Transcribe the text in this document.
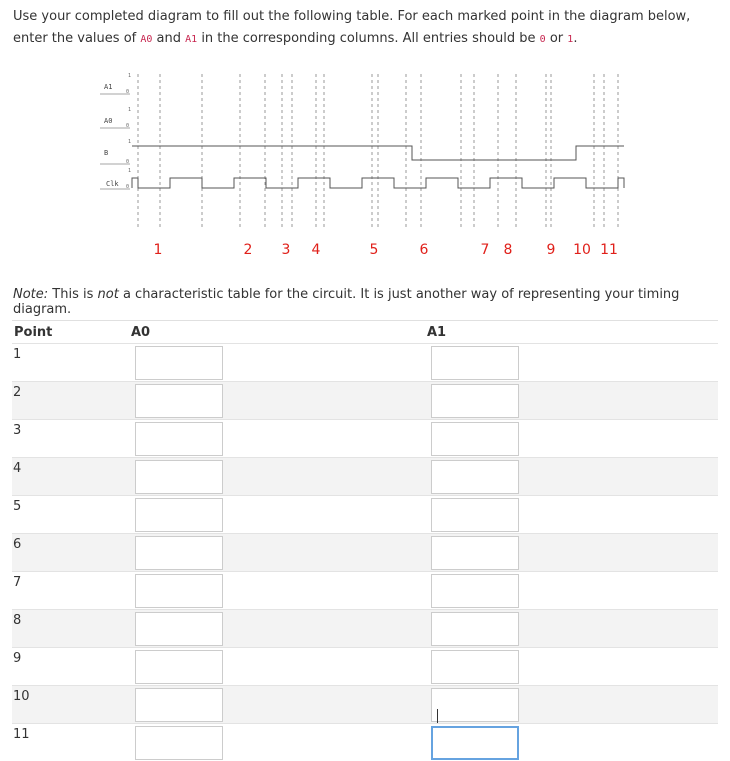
Use your completed diagram to fill out the following table. For each marked point in the diagram below, enter the values of A0 and A1 in the corresponding columns. All entries should be 0 or 1.
A1
1
0
A0
1
0
B
1
0
Clk
1
0
1	2 3 4	5	6	7 8 9 10 11
Note: This is not a characteristic table for the circuit. It is just another way of representing your timing diagram.
Point	A0	A1
1	

2	

3	

4	

5	

6	

7	

8	

9	

10	

11	
